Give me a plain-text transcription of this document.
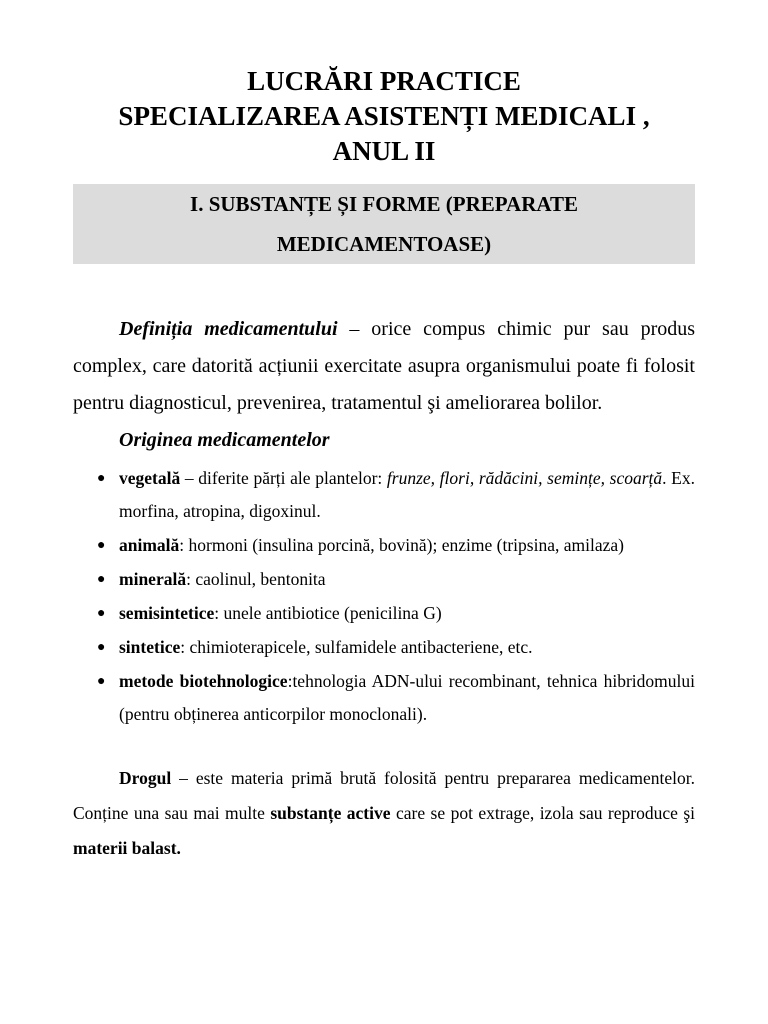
LUCRĂRI PRACTICE
SPECIALIZAREA ASISTENȚI MEDICALI ,
ANUL II
I. SUBSTANȚE ȘI FORME (PREPARATE
MEDICAMENTOASE)

Definiția medicamentului – orice compus chimic pur sau produs complex, care datorită acțiunii exercitate asupra organismului poate fi folosit pentru diagnosticul, prevenirea, tratamentul şi ameliorarea bolilor.

Originea medicamentelor
● vegetală – diferite părți ale plantelor: frunze, flori, rădăcini, semințe, scoarță. Ex. morfina, atropina, digoxinul.
● animală: hormoni (insulina porcină, bovină); enzime (tripsina, amilaza)
● minerală: caolinul, bentonita
● semisintetice: unele antibiotice (penicilina G)
● sintetice: chimioterapicele, sulfamidele antibacteriene, etc.
● metode biotehnologice:tehnologia ADN-ului recombinant, tehnica hibridomului (pentru obținerea anticorpilor monoclonali).

Drogul – este materia primă brută folosită pentru prepararea medicamentelor. Conține una sau mai multe substanțe active care se pot extrage, izola sau reproduce şi materii balast.
